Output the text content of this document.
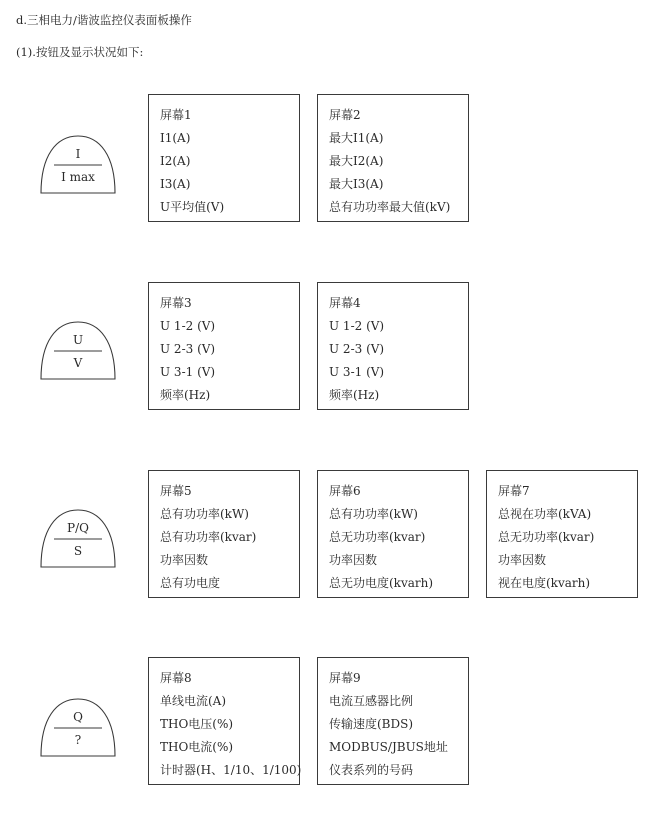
d.三相电力/谐波监控仪表面板操作
(1).按钮及显示状况如下:
I
I max
屏幕1
I1(A)
I2(A)
I3(A)
U平均值(V)
屏幕2
最大I1(A)
最大I2(A)
最大I3(A)
总有功功率最大值(kV)
U
V
屏幕3
U 1-2 (V)
U 2-3 (V)
U 3-1 (V)
频率(Hz)
屏幕4
U 1-2 (V)
U 2-3 (V)
U 3-1 (V)
频率(Hz)
P/Q
S
屏幕5
总有功功率(kW)
总有功功率(kvar)
功率因数
总有功电度
屏幕6
总有功功率(kW)
总无功功率(kvar)
功率因数
总无功电度(kvarh)
屏幕7
总视在功率(kVA)
总无功功率(kvar)
功率因数
视在电度(kvarh)
Q
?
屏幕8
单线电流(A)
THO电压(%)
THO电流(%)
计时器(H、1/10、1/100)
屏幕9
电流互感器比例
传输速度(BDS)
MODBUS/JBUS地址
仪表系列的号码
